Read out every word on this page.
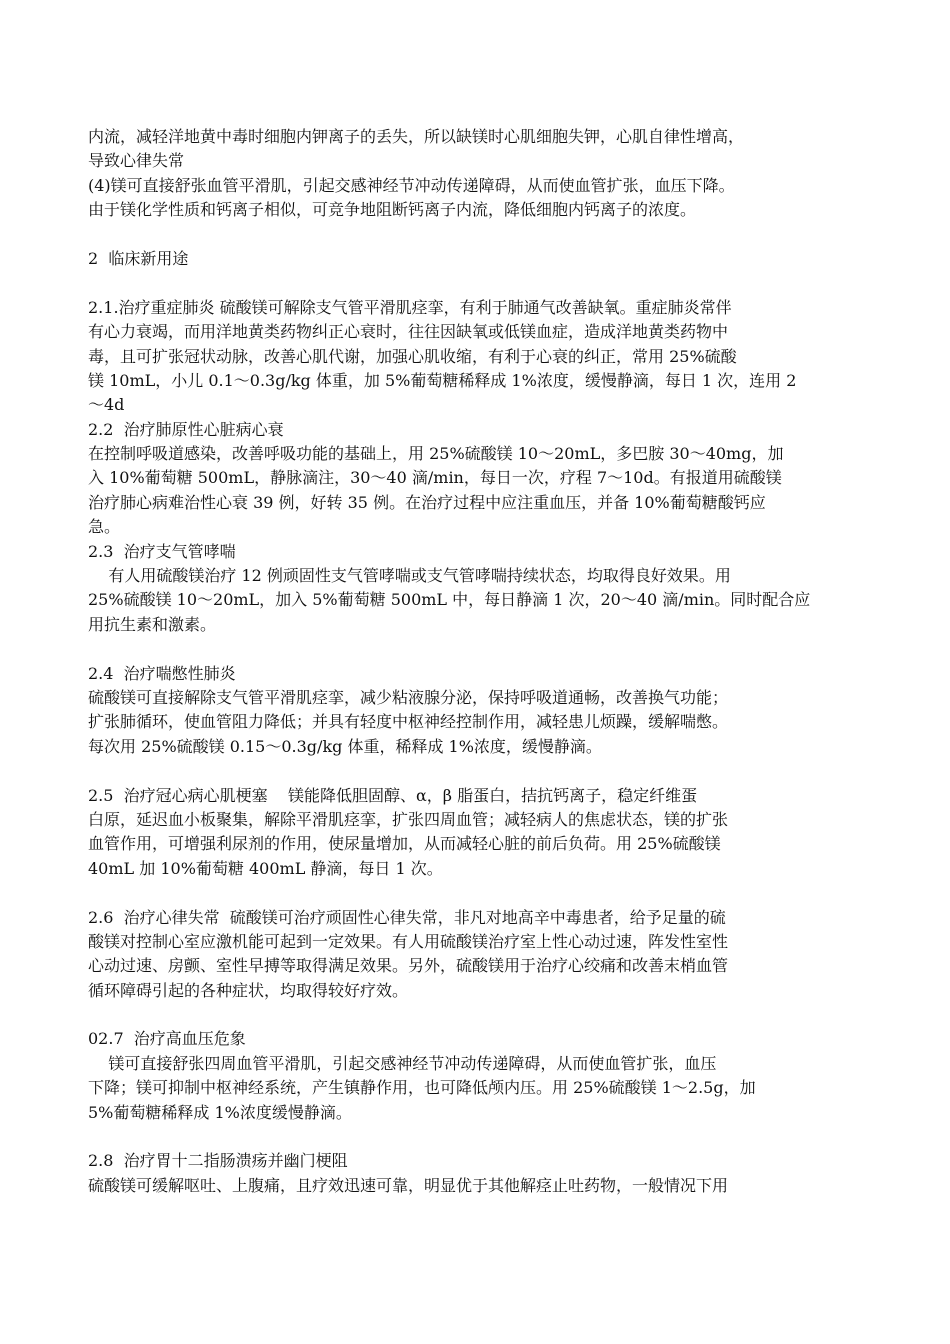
内流，减轻洋地黄中毒时细胞内钾离子的丢失，所以缺镁时心肌细胞失钾，心肌自律性增高，
导致心律失常
(4)镁可直接舒张血管平滑肌，引起交感神经节冲动传递障碍，从而使血管扩张，血压下降。
由于镁化学性质和钙离子相似，可竞争地阻断钙离子内流，降低细胞内钙离子的浓度。
2  临床新用途
2.1.治疗重症肺炎 硫酸镁可解除支气管平滑肌痉挛，有利于肺通气改善缺氧。重症肺炎常伴
有心力衰竭，而用洋地黄类药物纠正心衰时，往往因缺氧或低镁血症，造成洋地黄类药物中
毒，且可扩张冠状动脉，改善心肌代谢，加强心肌收缩，有利于心衰的纠正，常用 25%硫酸
镁 10mL，小儿 0.1～0.3g/kg 体重，加 5%葡萄糖稀释成 1%浓度，缓慢静滴，每日 1 次，连用 2
～4d
2.2  治疗肺原性心脏病心衰
在控制呼吸道感染，改善呼吸功能的基础上，用 25%硫酸镁 10～20mL，多巴胺 30～40mg，加
入 10%葡萄糖 500mL，静脉滴注，30～40 滴/min，每日一次，疗程 7～10d。有报道用硫酸镁
治疗肺心病难治性心衰 39 例，好转 35 例。在治疗过程中应注重血压，并备 10%葡萄糖酸钙应
急。
2.3  治疗支气管哮喘
有人用硫酸镁治疗 12 例顽固性支气管哮喘或支气管哮喘持续状态，均取得良好效果。用
25%硫酸镁 10～20mL，加入 5%葡萄糖 500mL 中，每日静滴 1 次，20～40 滴/min。同时配合应
用抗生素和激素。
2.4  治疗喘憋性肺炎
硫酸镁可直接解除支气管平滑肌痉挛，减少粘液腺分泌，保持呼吸道通畅，改善换气功能；
扩张肺循环，使血管阻力降低；并具有轻度中枢神经控制作用，减轻患儿烦躁，缓解喘憋。
每次用 25%硫酸镁 0.15～0.3g/kg 体重，稀释成 1%浓度，缓慢静滴。
2.5  治疗冠心病心肌梗塞    镁能降低胆固醇、α，β 脂蛋白，拮抗钙离子，稳定纤维蛋
白原，延迟血小板聚集，解除平滑肌痉挛，扩张四周血管；减轻病人的焦虑状态，镁的扩张
血管作用，可增强利尿剂的作用，使尿量增加，从而减轻心脏的前后负荷。用 25%硫酸镁
40mL 加 10%葡萄糖 400mL 静滴，每日 1 次。
2.6  治疗心律失常  硫酸镁可治疗顽固性心律失常，非凡对地高辛中毒患者，给予足量的硫
酸镁对控制心室应激机能可起到一定效果。有人用硫酸镁治疗室上性心动过速，阵发性室性
心动过速、房颤、室性早搏等取得满足效果。另外，硫酸镁用于治疗心绞痛和改善末梢血管
循环障碍引起的各种症状，均取得较好疗效。
02.7  治疗高血压危象
镁可直接舒张四周血管平滑肌，引起交感神经节冲动传递障碍，从而使血管扩张，血压
下降；镁可抑制中枢神经系统，产生镇静作用，也可降低颅内压。用 25%硫酸镁 1～2.5g，加
5%葡萄糖稀释成 1%浓度缓慢静滴。
2.8  治疗胃十二指肠溃疡并幽门梗阻
硫酸镁可缓解呕吐、上腹痛，且疗效迅速可靠，明显优于其他解痉止吐药物，一般情况下用
